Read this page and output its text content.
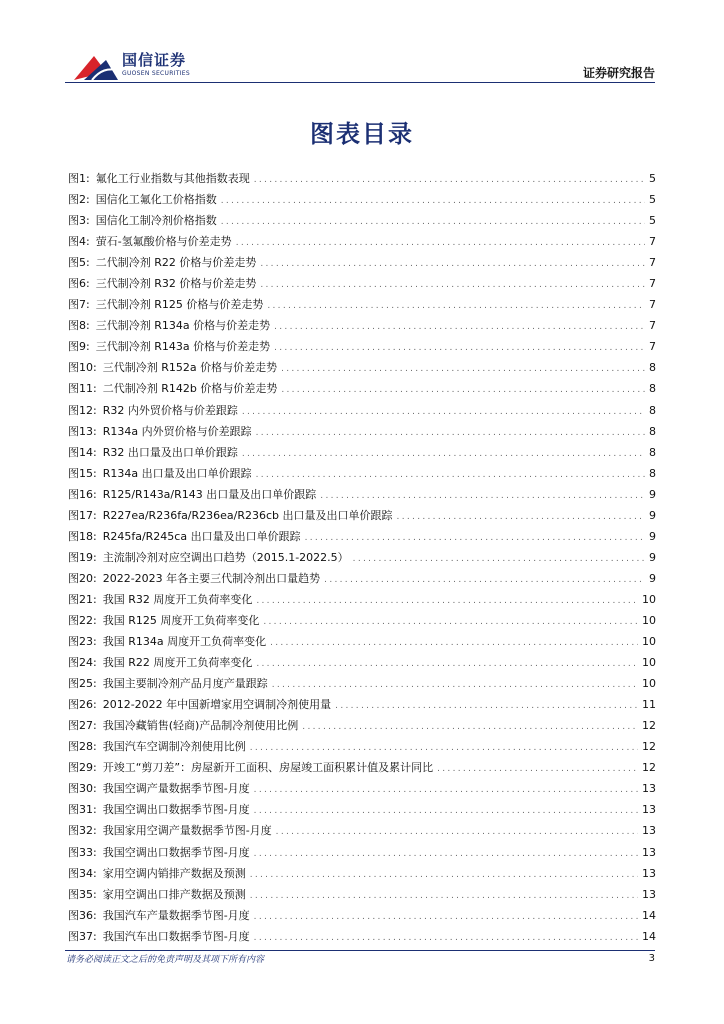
国信证券
GUOSEN SECURITIES	证券研究报告
图表目录
图1: 氟化工行业指数与其他指数表现 .....	5
图2: 国信化工氟化工价格指数 .....	5
图3: 国信化工制冷剂价格指数 .....	5
图4: 萤石-氢氟酸价格与价差走势 .....	7
图5: 二代制冷剂 R22 价格与价差走势 .....	7
图6: 三代制冷剂 R32 价格与价差走势 .....	7
图7: 三代制冷剂 R125 价格与价差走势 .....	7
图8: 三代制冷剂 R134a 价格与价差走势 .....	7
图9: 三代制冷剂 R143a 价格与价差走势 .....	7
图10: 三代制冷剂 R152a 价格与价差走势 .....	8
图11: 二代制冷剂 R142b 价格与价差走势 .....	8
图12: R32 内外贸价格与价差跟踪 .....	8
图13: R134a 内外贸价格与价差跟踪 .....	8
图14: R32 出口量及出口单价跟踪 .....	8
图15: R134a 出口量及出口单价跟踪 .....	8
图16: R125/R143a/R143 出口量及出口单价跟踪 .....	9
图17: R227ea/R236fa/R236ea/R236cb 出口量及出口单价跟踪 .....	9
图18: R245fa/R245ca 出口量及出口单价跟踪 .....	9
图19: 主流制冷剂对应空调出口趋势（2015.1-2022.5） .....	9
图20: 2022-2023 年各主要三代制冷剂出口量趋势 .....	9
图21: 我国 R32 周度开工负荷率变化 .....	10
图22: 我国 R125 周度开工负荷率变化 .....	10
图23: 我国 R134a 周度开工负荷率变化 .....	10
图24: 我国 R22 周度开工负荷率变化 .....	10
图25: 我国主要制冷剂产品月度产量跟踪 .....	10
图26: 2012-2022 年中国新增家用空调制冷剂使用量 .....	11
图27: 我国冷藏销售(轻商)产品制冷剂使用比例 .....	12
图28: 我国汽车空调制冷剂使用比例 .....	12
图29: 开竣工“剪刀差”：房屋新开工面积、房屋竣工面积累计值及累计同比 .....	12
图30: 我国空调产量数据季节图-月度 .....	13
图31: 我国空调出口数据季节图-月度 .....	13
图32: 我国家用空调产量数据季节图-月度 .....	13
图33: 我国空调出口数据季节图-月度 .....	13
图34: 家用空调内销排产数据及预测 .....	13
图35: 家用空调出口排产数据及预测 .....	13
图36: 我国汽车产量数据季节图-月度 .....	14
图37: 我国汽车出口数据季节图-月度 .....	14
请务必阅读正文之后的免责声明及其项下所有内容	3
